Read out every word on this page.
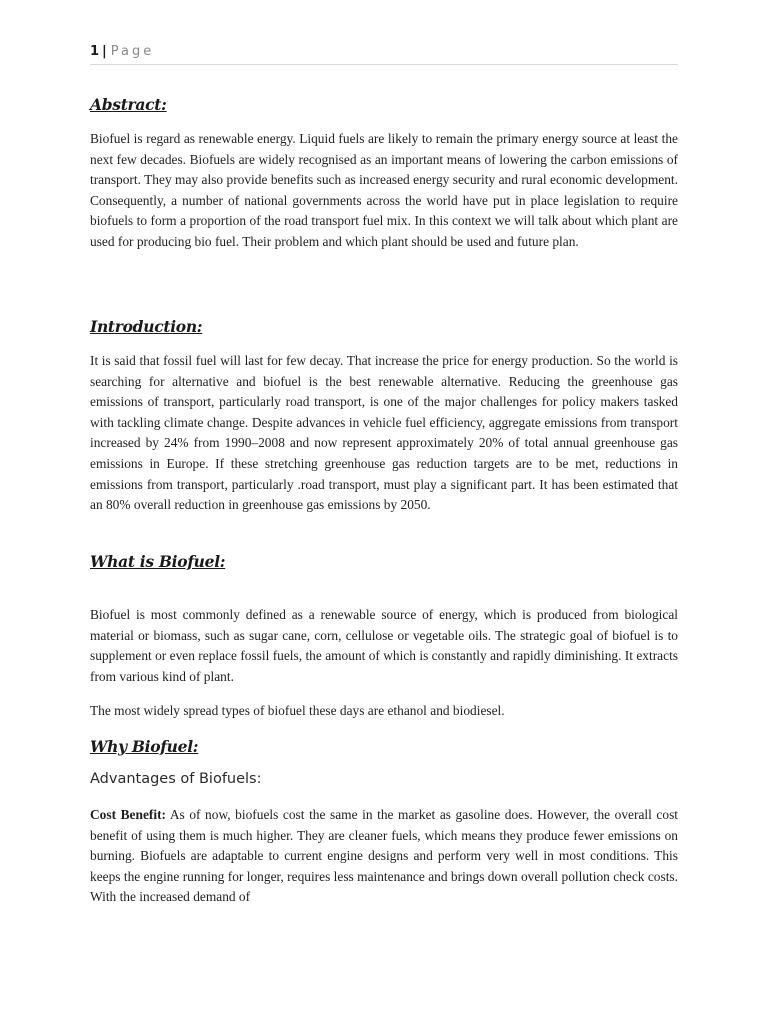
1 | Page
Abstract:

Biofuel is regard as renewable energy. Liquid fuels are likely to remain the primary energy source at least the next few decades. Biofuels are widely recognised as an important means of lowering the carbon emissions of transport. They may also provide benefits such as increased energy security and rural economic development. Consequently, a number of national governments across the world have put in place legislation to require biofuels to form a proportion of the road transport fuel mix. In this context we will talk about which plant are used for producing bio fuel. Their problem and which plant should be used and future plan.

Introduction:

It is said that fossil fuel will last for few decay. That increase the price for energy production. So the world is searching for alternative and biofuel is the best renewable alternative. Reducing the greenhouse gas emissions of transport, particularly road transport, is one of the major challenges for policy makers tasked with tackling climate change. Despite advances in vehicle fuel efficiency, aggregate emissions from transport increased by 24% from 1990–2008 and now represent approximately 20% of total annual greenhouse gas emissions in Europe. If these stretching greenhouse gas reduction targets are to be met, reductions in emissions from transport, particularly .road transport, must play a significant part. It has been estimated that an 80% overall reduction in greenhouse gas emissions by 2050.

What is Biofuel:

Biofuel is most commonly defined as a renewable source of energy, which is produced from biological material or biomass, such as sugar cane, corn, cellulose or vegetable oils. The strategic goal of biofuel is to supplement or even replace fossil fuels, the amount of which is constantly and rapidly diminishing. It extracts from various kind of plant.

The most widely spread types of biofuel these days are ethanol and biodiesel.

Why Biofuel:
Advantages of Biofuels:

Cost Benefit: As of now, biofuels cost the same in the market as gasoline does. However, the overall cost benefit of using them is much higher. They are cleaner fuels, which means they produce fewer emissions on burning. Biofuels are adaptable to current engine designs and perform very well in most conditions. This keeps the engine running for longer, requires less maintenance and brings down overall pollution check costs. With the increased demand of
